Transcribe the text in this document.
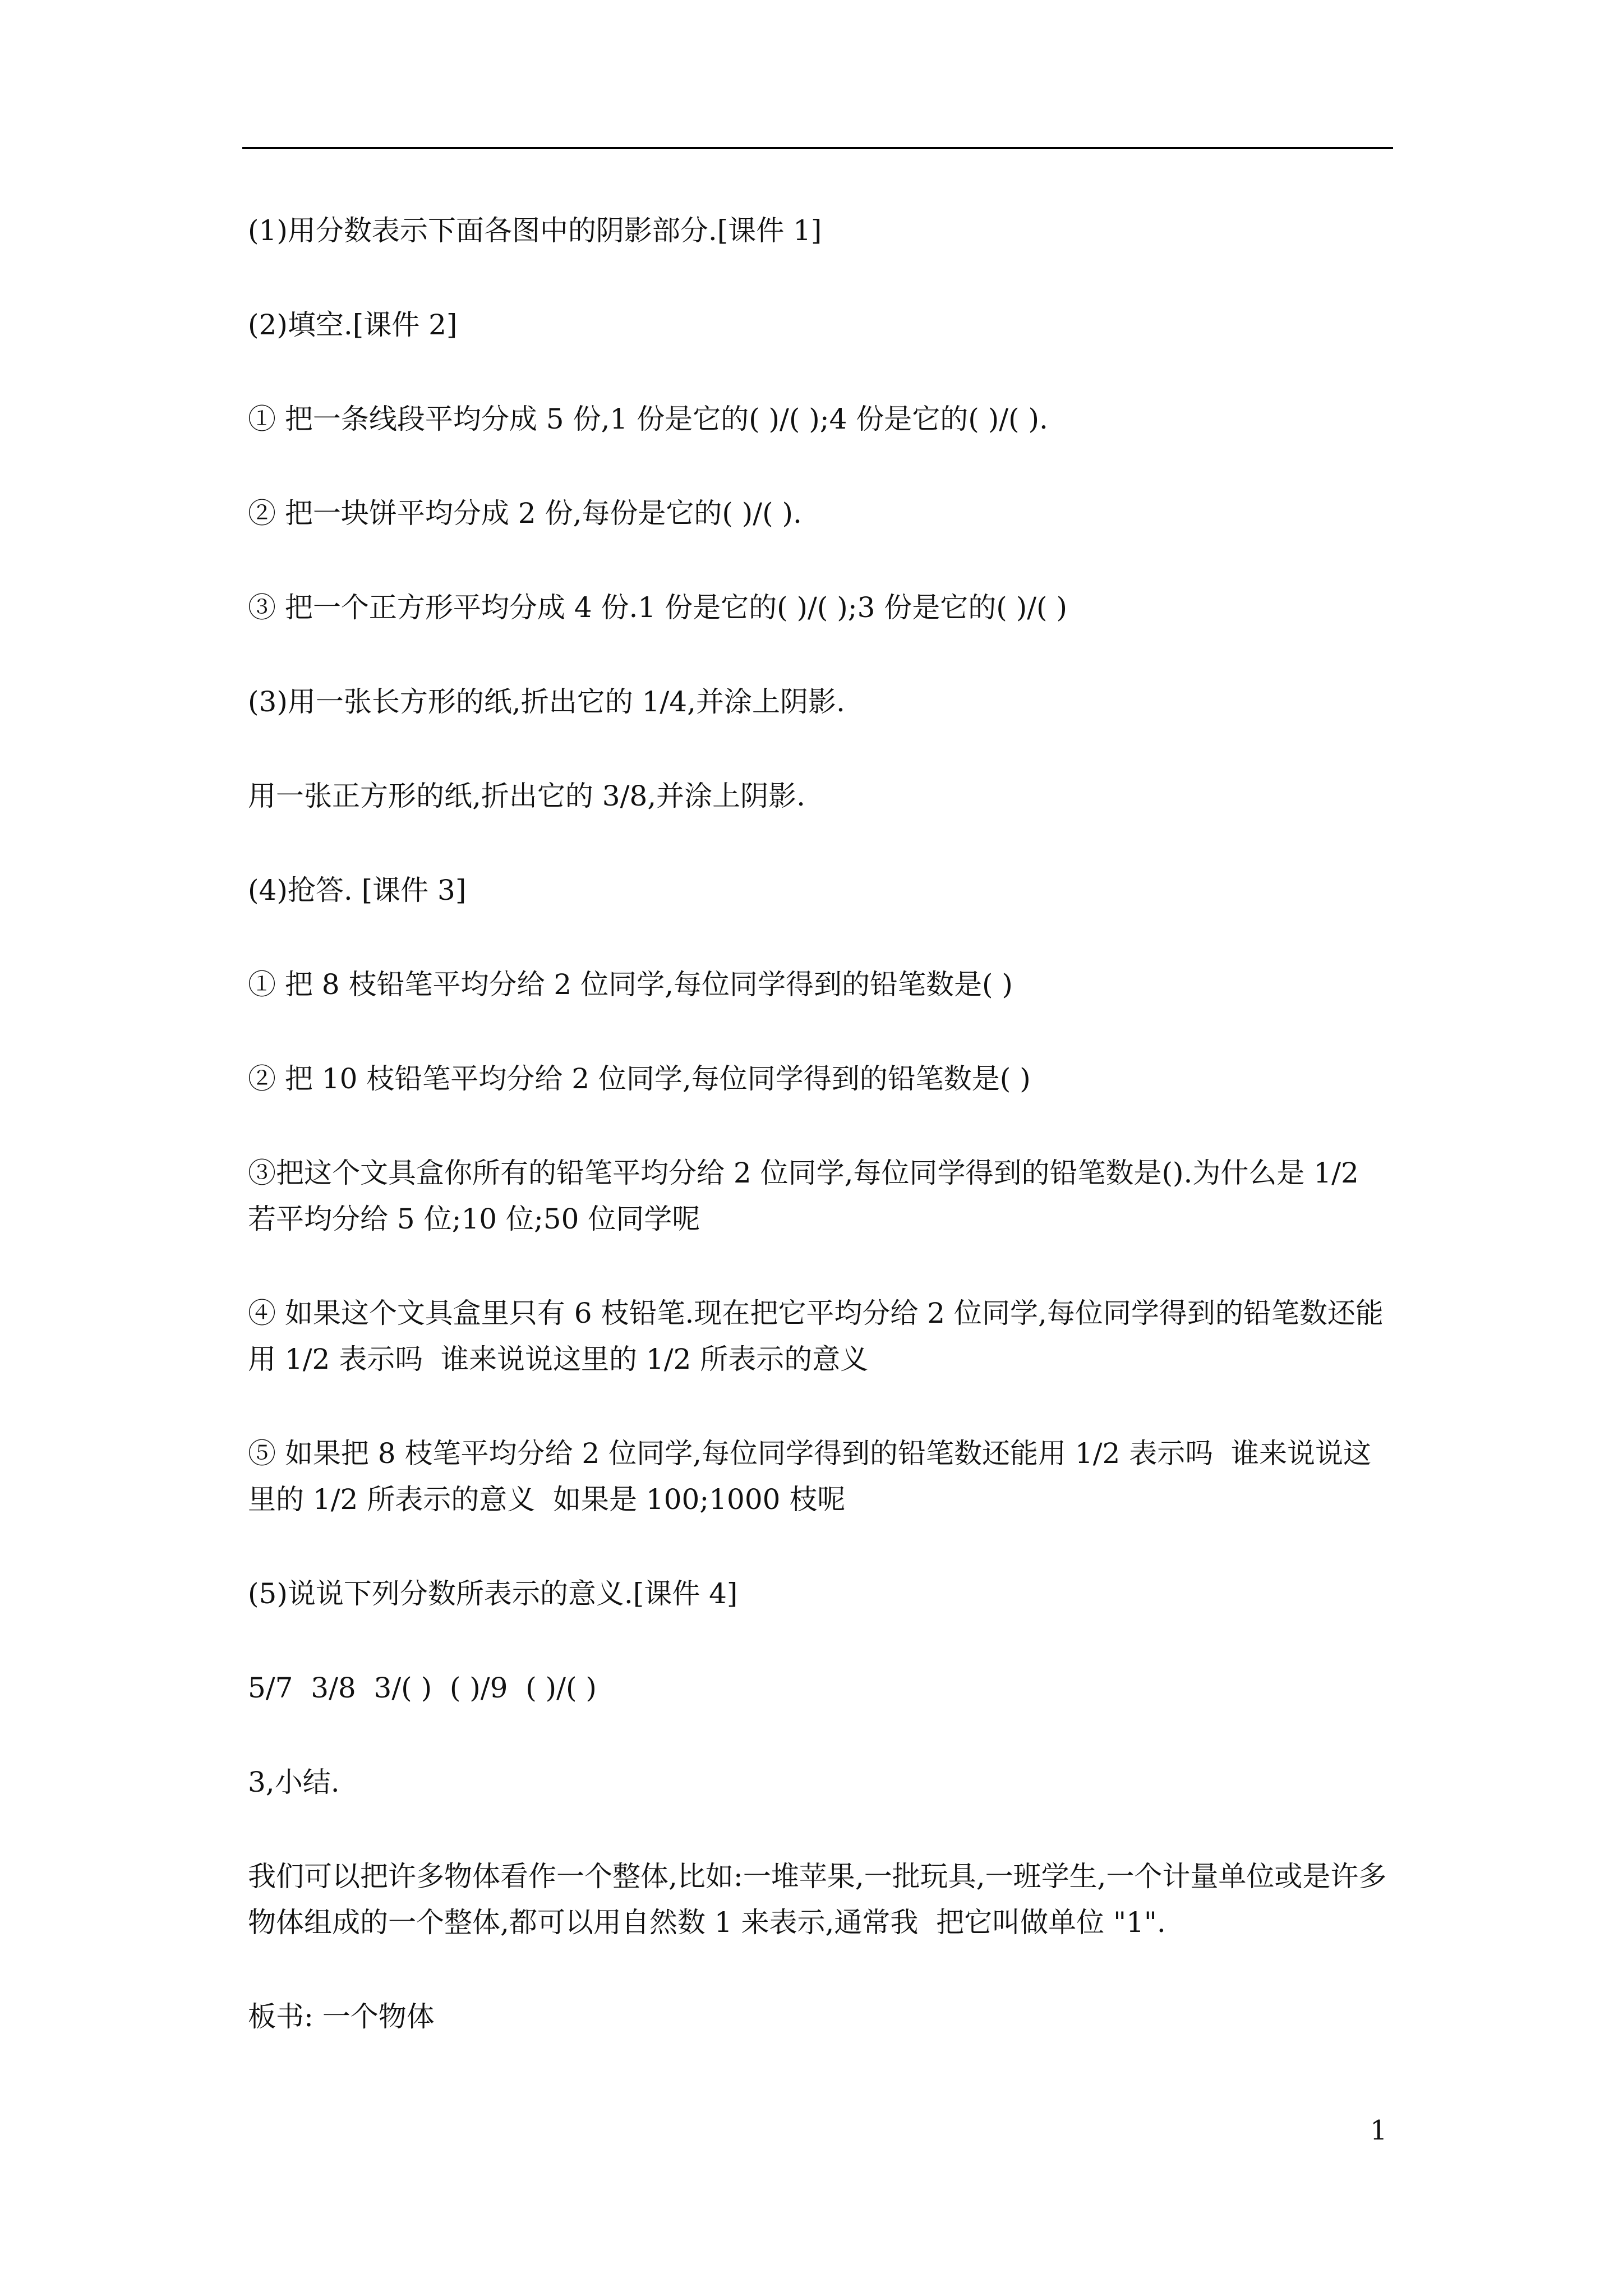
(1)用分数表示下面各图中的阴影部分.[课件 1]

(2)填空.[课件 2]

① 把一条线段平均分成 5 份,1 份是它的( )/( );4 份是它的( )/( ).

② 把一块饼平均分成 2 份,每份是它的( )/( ).

③ 把一个正方形平均分成 4 份.1 份是它的( )/( );3 份是它的( )/( )

(3)用一张长方形的纸,折出它的 1/4,并涂上阴影.

用一张正方形的纸,折出它的 3/8,并涂上阴影.

(4)抢答. [课件 3]

① 把 8 枝铅笔平均分给 2 位同学,每位同学得到的铅笔数是( )

② 把 10 枝铅笔平均分给 2 位同学,每位同学得到的铅笔数是( )

③把这个文具盒你所有的铅笔平均分给 2 位同学,每位同学得到的铅笔数是().为什么是 1/2  若平均分给 5 位;10 位;50 位同学呢

④ 如果这个文具盒里只有 6 枝铅笔.现在把它平均分给 2 位同学,每位同学得到的铅笔数还能用 1/2 表示吗  谁来说说这里的 1/2 所表示的意义

⑤ 如果把 8 枝笔平均分给 2 位同学,每位同学得到的铅笔数还能用 1/2 表示吗  谁来说说这里的 1/2 所表示的意义  如果是 100;1000 枝呢

(5)说说下列分数所表示的意义.[课件 4]

5/7  3/8  3/( )  ( )/9  ( )/( )

3,小结.

我们可以把许多物体看作一个整体,比如:一堆苹果,一批玩具,一班学生,一个计量单位或是许多物体组成的一个整体,都可以用自然数 1 来表示,通常我  把它叫做单位 "1".

板书: 一个物体

1
